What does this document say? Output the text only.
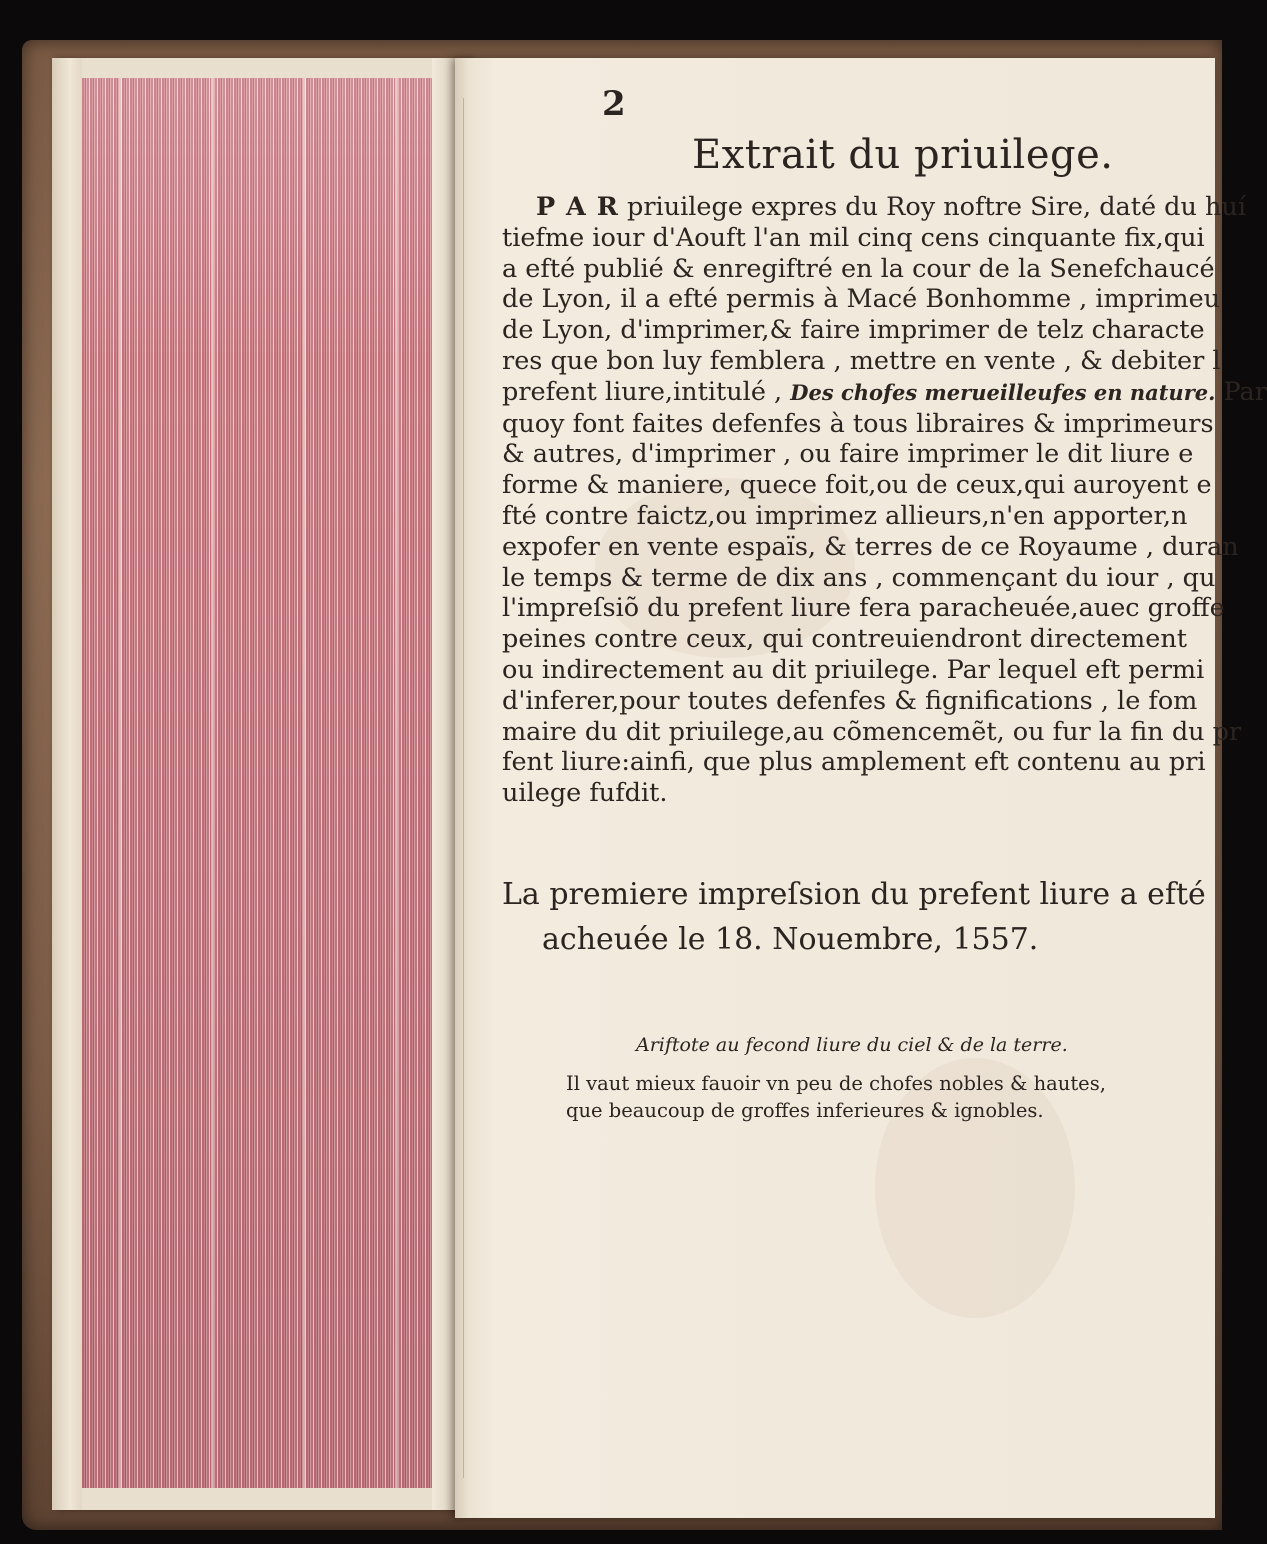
2
Extrait du priuilege.
P A R priuilege expres du Roy noftre Sire, daté du huí
tiefme iour d'Aouft l'an mil cinq cens cinquante fix,qui
a efté publié & enregiftré en la cour de la Senefchaucé
de Lyon, il a efté permis à Macé Bonhomme , imprimeu
de Lyon, d'imprimer,& faire imprimer de telz characte
res que bon luy femblera , mettre en vente , & debiter l
prefent liure,intitulé , Des chofes merueilleufes en nature. Par
quoy font faites defenfes à tous libraires & imprimeurs
& autres, d'imprimer , ou faire imprimer le dit liure e
forme & maniere, quece foit,ou de ceux,qui auroyent e
fté contre faictz,ou imprimez allieurs,n'en apporter,n
expofer en vente espaïs, & terres de ce Royaume , duran
le temps & terme de dix ans , commençant du iour , qu
l'impreſsiõ du prefent liure fera paracheuée,auec groffe
peines contre ceux, qui contreuiendront directement
ou indirectement au dit priuilege. Par lequel eft permi
d'inferer,pour toutes defenfes & fignifications , le fom
maire du dit priuilege,au cõmencemẽt, ou fur la fin du pr
fent liure:ainfi, que plus amplement eft contenu au pri
uilege fufdit.
La premiere impreſsion du prefent liure a efté
acheuée le 18. Nouembre, 1557.
Ariftote au fecond liure du ciel & de la terre.
Il vaut mieux fauoir vn peu de chofes nobles & hautes,
que beaucoup de groffes inferieures & ignobles.
